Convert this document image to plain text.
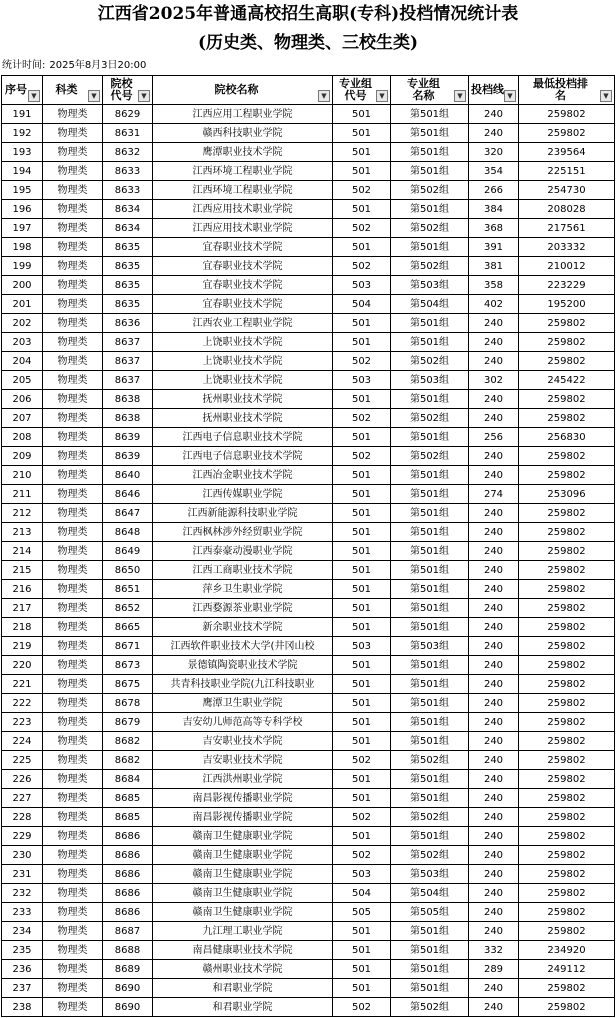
江西省2025年普通高校招生高职(专科)投档情况统计表
(历史类、物理类、三校生类)
统计时间: 2025年8月3日20:00
序号 ▼	科类 ▼	院校代号 ▼	院校名称 ▼	专业组代号 ▼	专业组名称 ▼	投档线 ▼	最低投档排名 ▼

191	物理类	8629	江西应用工程职业学院	501	第501组	240	259802
192	物理类	8631	赣西科技职业学院	501	第501组	240	259802
193	物理类	8632	鹰潭职业技术学院	501	第501组	320	239564
194	物理类	8633	江西环境工程职业学院	501	第501组	354	225151
195	物理类	8633	江西环境工程职业学院	502	第502组	266	254730
196	物理类	8634	江西应用技术职业学院	501	第501组	384	208028
197	物理类	8634	江西应用技术职业学院	502	第502组	368	217561
198	物理类	8635	宜春职业技术学院	501	第501组	391	203332
199	物理类	8635	宜春职业技术学院	502	第502组	381	210012
200	物理类	8635	宜春职业技术学院	503	第503组	358	223229
201	物理类	8635	宜春职业技术学院	504	第504组	402	195200
202	物理类	8636	江西农业工程职业学院	501	第501组	240	259802
203	物理类	8637	上饶职业技术学院	501	第501组	240	259802
204	物理类	8637	上饶职业技术学院	502	第502组	240	259802
205	物理类	8637	上饶职业技术学院	503	第503组	302	245422
206	物理类	8638	抚州职业技术学院	501	第501组	240	259802
207	物理类	8638	抚州职业技术学院	502	第502组	240	259802
208	物理类	8639	江西电子信息职业技术学院	501	第501组	256	256830
209	物理类	8639	江西电子信息职业技术学院	502	第502组	240	259802
210	物理类	8640	江西冶金职业技术学院	501	第501组	240	259802
211	物理类	8646	江西传媒职业学院	501	第501组	274	253096
212	物理类	8647	江西新能源科技职业学院	501	第501组	240	259802
213	物理类	8648	江西枫林涉外经贸职业学院	501	第501组	240	259802
214	物理类	8649	江西泰豪动漫职业学院	501	第501组	240	259802
215	物理类	8650	江西工商职业技术学院	501	第501组	240	259802
216	物理类	8651	萍乡卫生职业学院	501	第501组	240	259802
217	物理类	8652	江西婺源茶业职业学院	501	第501组	240	259802
218	物理类	8665	新余职业技术学院	501	第501组	240	259802
219	物理类	8671	江西软件职业技术大学(井冈山校	503	第503组	240	259802
220	物理类	8673	景德镇陶瓷职业技术学院	501	第501组	240	259802
221	物理类	8675	共青科技职业学院(九江科技职业	501	第501组	240	259802
222	物理类	8678	鹰潭卫生职业学院	501	第501组	240	259802
223	物理类	8679	吉安幼儿师范高等专科学校	501	第501组	240	259802
224	物理类	8682	吉安职业技术学院	501	第501组	240	259802
225	物理类	8682	吉安职业技术学院	502	第502组	240	259802
226	物理类	8684	江西洪州职业学院	501	第501组	240	259802
227	物理类	8685	南昌影视传播职业学院	501	第501组	240	259802
228	物理类	8685	南昌影视传播职业学院	502	第502组	240	259802
229	物理类	8686	赣南卫生健康职业学院	501	第501组	240	259802
230	物理类	8686	赣南卫生健康职业学院	502	第502组	240	259802
231	物理类	8686	赣南卫生健康职业学院	503	第503组	240	259802
232	物理类	8686	赣南卫生健康职业学院	504	第504组	240	259802
233	物理类	8686	赣南卫生健康职业学院	505	第505组	240	259802
234	物理类	8687	九江理工职业学院	501	第501组	240	259802
235	物理类	8688	南昌健康职业技术学院	501	第501组	332	234920
236	物理类	8689	赣州职业技术学院	501	第501组	289	249112
237	物理类	8690	和君职业学院	501	第501组	240	259802
238	物理类	8690	和君职业学院	502	第502组	240	259802
